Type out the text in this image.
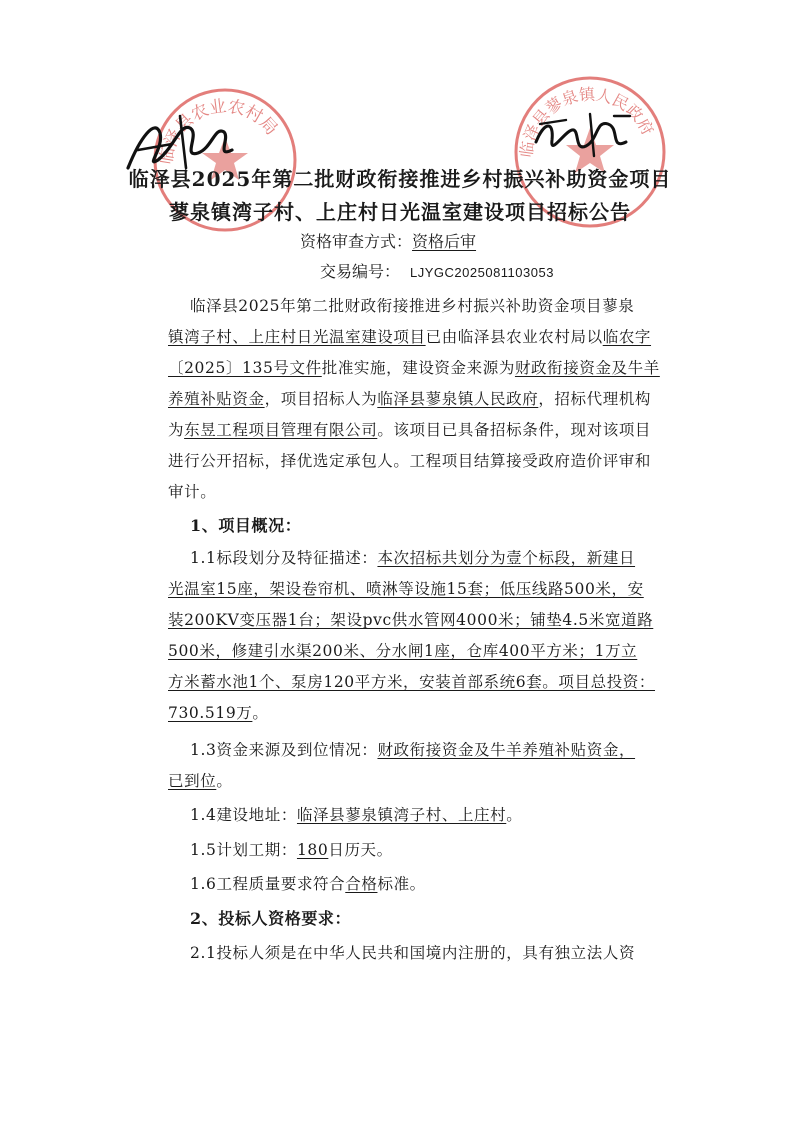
临泽县农业农村局
临泽县蓼泉镇人民政府
临泽县2025年第二批财政衔接推进乡村振兴补助资金项目
蓼泉镇湾子村、上庄村日光温室建设项目招标公告
资格审查方式：资格后审
交易编号： LJYGC2025081103053
临泽县2025年第二批财政衔接推进乡村振兴补助资金项目蓼泉
镇湾子村、上庄村日光温室建设项目已由临泽县农业农村局以临农字
〔2025〕135号文件批准实施，建设资金来源为财政衔接资金及牛羊
养殖补贴资金，项目招标人为临泽县蓼泉镇人民政府，招标代理机构
为东昱工程项目管理有限公司。该项目已具备招标条件，现对该项目
进行公开招标，择优选定承包人。工程项目结算接受政府造价评审和
审计。
1、项目概况：
1.1标段划分及特征描述：本次招标共划分为壹个标段，新建日
光温室15座，架设卷帘机、喷淋等设施15套；低压线路500米，安
装200KV变压器1台；架设pvc供水管网4000米；铺垫4.5米宽道路
500米，修建引水渠200米、分水闸1座，仓库400平方米；1万立
方米蓄水池1个、泵房120平方米，安装首部系统6套。项目总投资：
730.519万。
1.3资金来源及到位情况：财政衔接资金及牛羊养殖补贴资金，
已到位。
1.4建设地址：临泽县蓼泉镇湾子村、上庄村。
1.5计划工期：180日历天。
1.6工程质量要求符合合格标准。
2、投标人资格要求：
2.1投标人须是在中华人民共和国境内注册的，具有独立法人资
